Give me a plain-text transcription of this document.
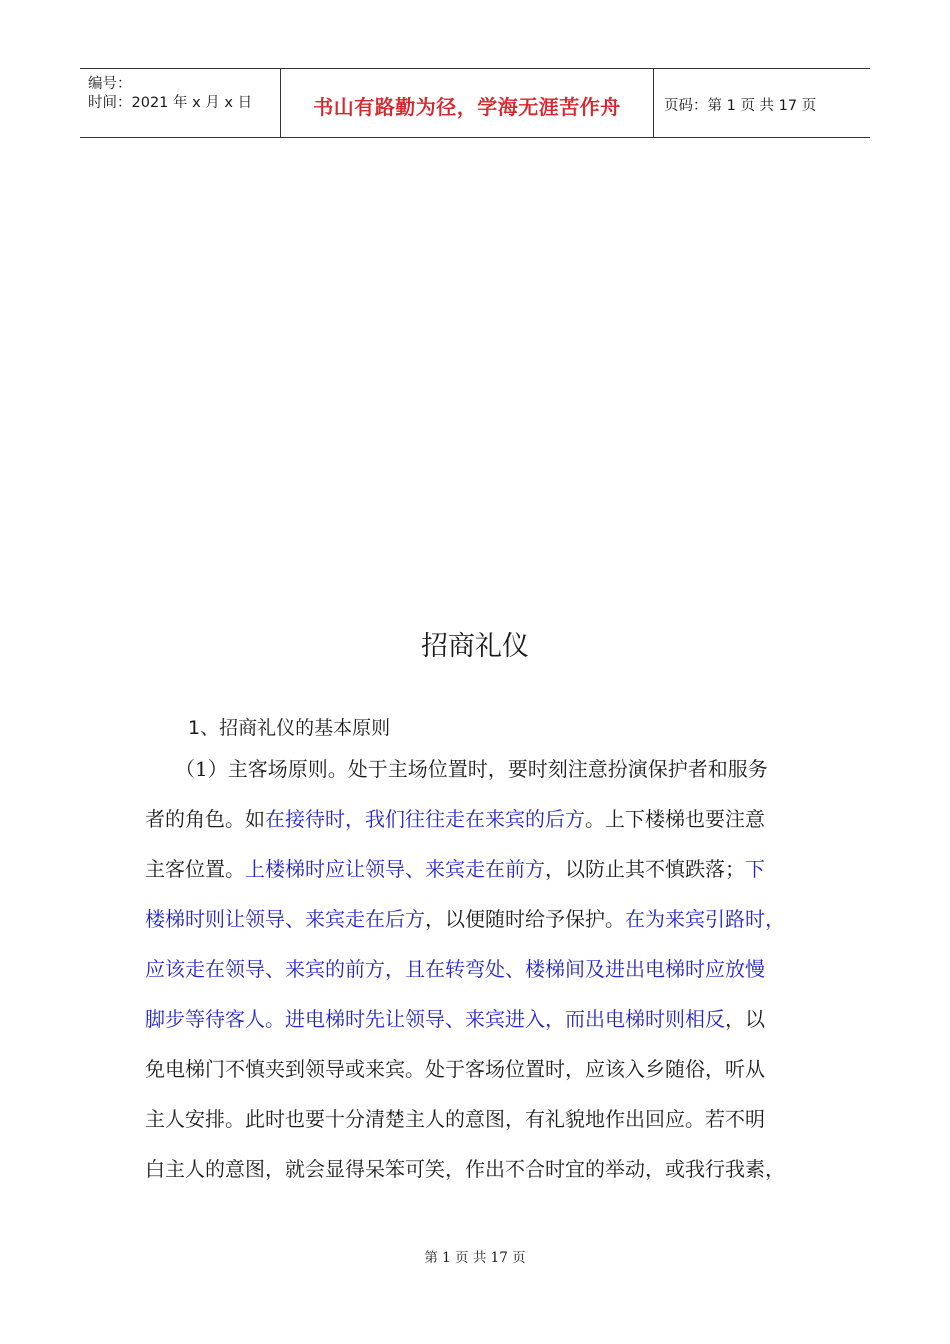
编号：
时间：2021 年 x 月 x 日	书山有路勤为径，学海无涯苦作舟	页码：第 1 页 共 17 页
招商礼仪
1、招商礼仪的基本原则
（1）主客场原则。处于主场位置时，要时刻注意扮演保护者和服务
者的角色。如在接待时，我们往往走在来宾的后方。上下楼梯也要注意
主客位置。上楼梯时应让领导、来宾走在前方，以防止其不慎跌落；下
楼梯时则让领导、来宾走在后方，以便随时给予保护。在为来宾引路时，
应该走在领导、来宾的前方，且在转弯处、楼梯间及进出电梯时应放慢
脚步等待客人。进电梯时先让领导、来宾进入，而出电梯时则相反，以
免电梯门不慎夹到领导或来宾。处于客场位置时，应该入乡随俗，听从
主人安排。此时也要十分清楚主人的意图，有礼貌地作出回应。若不明
白主人的意图，就会显得呆笨可笑，作出不合时宜的举动，或我行我素，
第 1 页 共 17 页
